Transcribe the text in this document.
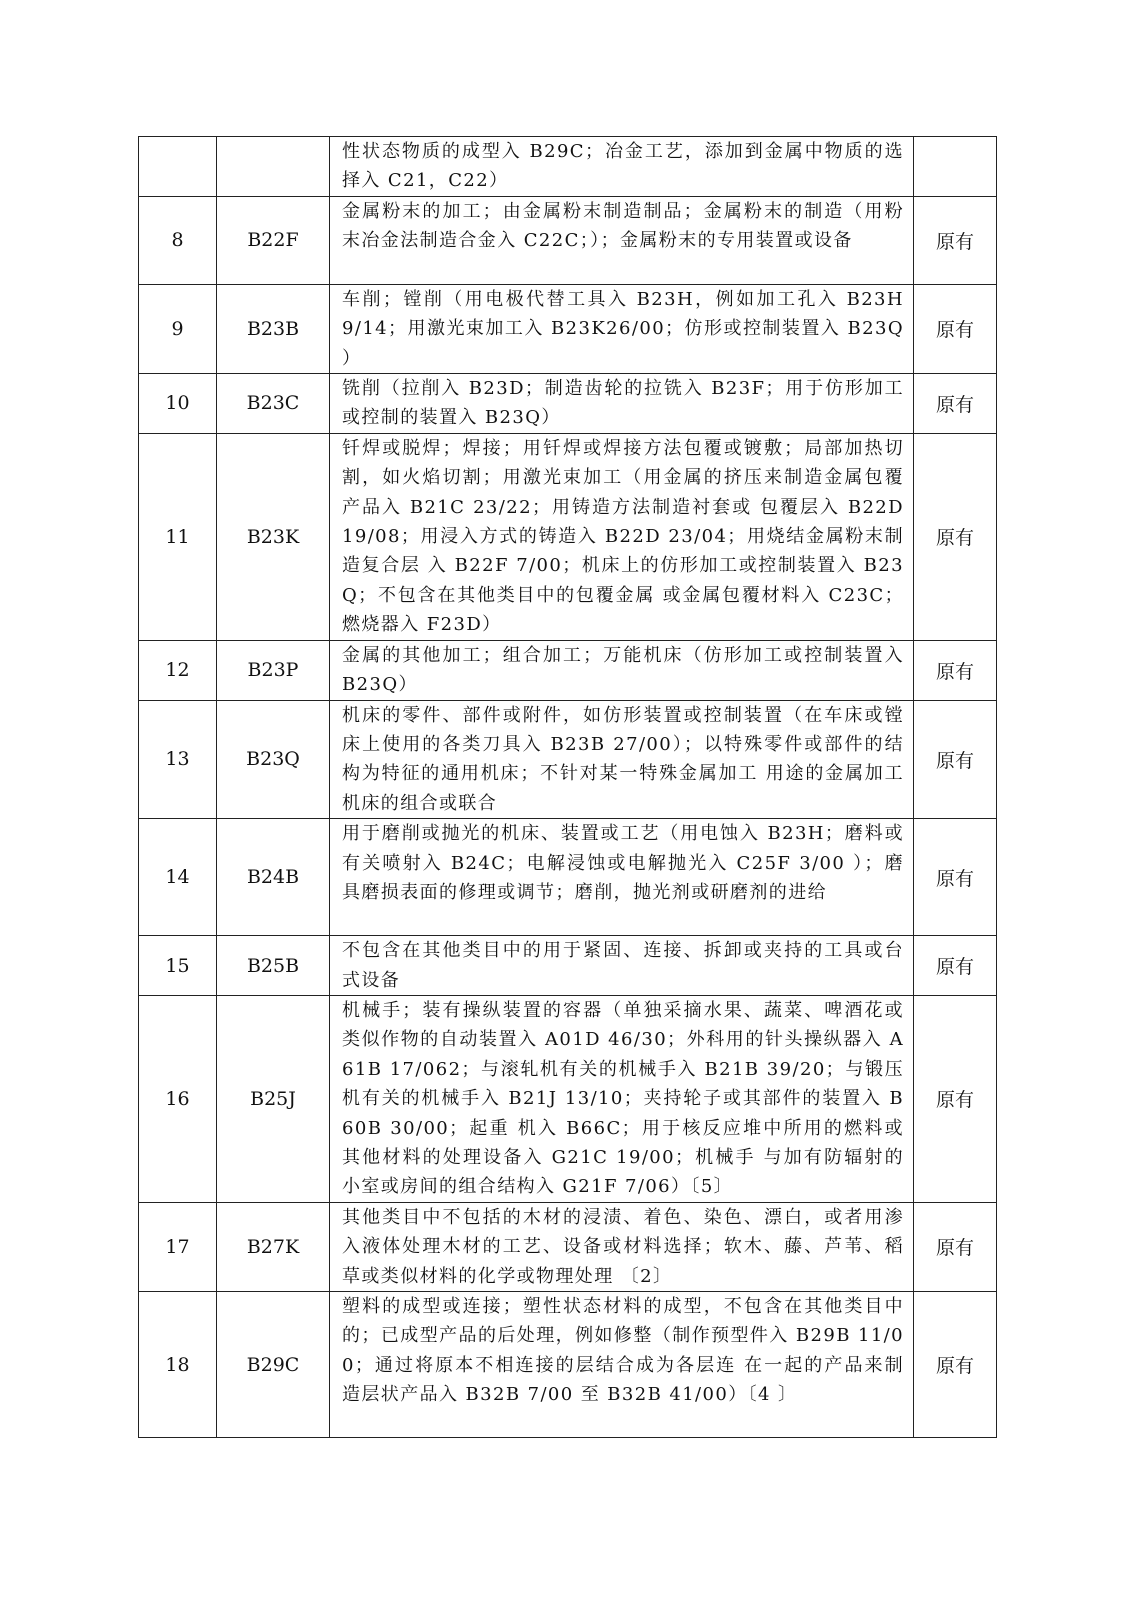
		性状态物质的成型入 B29C；冶金工艺，添加到金属中物质的选择入 C21，C22）	

8	B22F	金属粉末的加工；由金属粉末制造制品；金属粉末的制造（用粉末冶金法制造合金入 C22C；）；金属粉末的专用装置或设备	原有
9	B23B	车削；镗削（用电极代替工具入 B23H，例如加工孔入 B23H 9/14；用激光束加工入 B23K26/00；仿形或控制装置入 B23Q ）	原有
10	B23C	铣削（拉削入 B23D；制造齿轮的拉铣入 B23F；用于仿形加工或控制的装置入 B23Q）	原有
11	B23K	钎焊或脱焊；焊接；用钎焊或焊接方法包覆或镀敷；局部加热切割，如火焰切割；用激光束加工（用金属的挤压来制造金属包覆产品入 B21C 23/22；用铸造方法制造衬套或 包覆层入 B22D 19/08；用浸入方式的铸造入 B22D 23/04；用烧结金属粉末制造复合层 入 B22F 7/00；机床上的仿形加工或控制装置入 B23Q；不包含在其他类目中的包覆金属 或金属包覆材料入 C23C；燃烧器入 F23D）	原有
12	B23P	金属的其他加工；组合加工；万能机床（仿形加工或控制装置入 B23Q）	原有
13	B23Q	机床的零件、部件或附件，如仿形装置或控制装置（在车床或镗床上使用的各类刀具入 B23B 27/00）；以特殊零件或部件的结构为特征的通用机床；不针对某一特殊金属加工 用途的金属加工机床的组合或联合	原有
14	B24B	用于磨削或抛光的机床、装置或工艺（用电蚀入 B23H；磨料或有关喷射入 B24C；电解浸蚀或电解抛光入 C25F 3/00 ）；磨具磨损表面的修理或调节；磨削，抛光剂或研磨剂的进给	原有
15	B25B	不包含在其他类目中的用于紧固、连接、拆卸或夹持的工具或台式设备	原有
16	B25J	机械手；装有操纵装置的容器（单独采摘水果、蔬菜、啤酒花或类似作物的自动装置入 A01D 46/30；外科用的针头操纵器入 A61B 17/062；与滚轧机有关的机械手入 B21B 39/20；与锻压机有关的机械手入 B21J 13/10；夹持轮子或其部件的装置入 B60B 30/00；起重 机入 B66C；用于核反应堆中所用的燃料或其他材料的处理设备入 G21C 19/00；机械手 与加有防辐射的小室或房间的组合结构入 G21F 7/06）〔5〕	原有
17	B27K	其他类目中不包括的木材的浸渍、着色、染色、漂白，或者用渗入液体处理木材的工艺、设备或材料选择；软木、藤、芦苇、稻草或类似材料的化学或物理处理 〔2〕	原有
18	B29C	塑料的成型或连接；塑性状态材料的成型，不包含在其他类目中的；已成型产品的后处理，例如修整（制作预型件入 B29B 11/00；通过将原本不相连接的层结合成为各层连 在一起的产品来制造层状产品入 B32B 7/00 至 B32B 41/00）〔4 〕	原有
